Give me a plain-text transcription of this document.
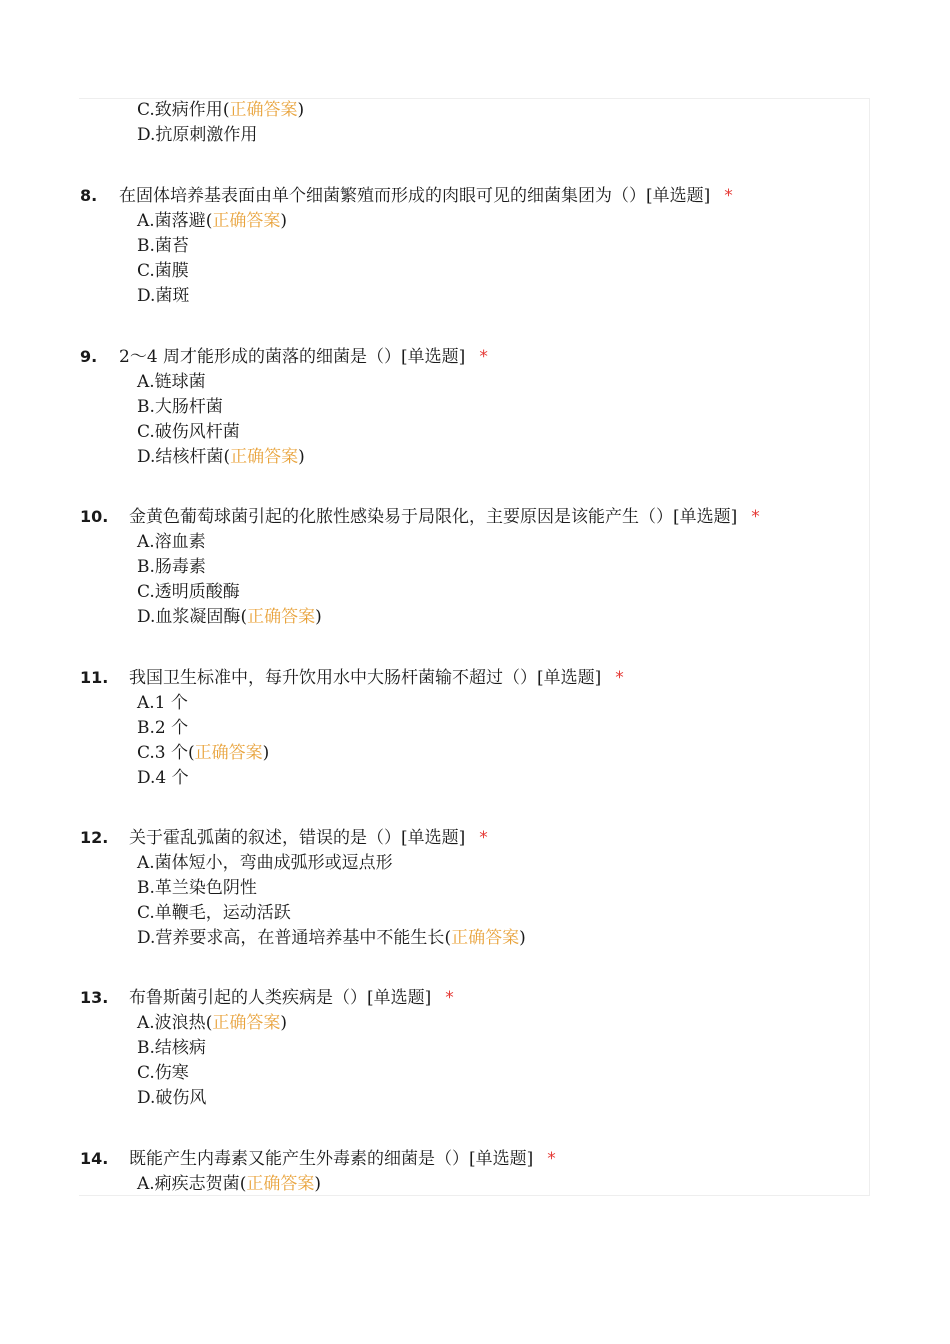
C.致病作用(正确答案)
D.抗原刺激作用
8. 在固体培养基表面由单个细菌繁殖而形成的肉眼可见的细菌集团为（）[单选题] *
A.菌落避(正确答案)
B.菌苔
C.菌膜
D.菌斑
9. 2～4 周才能形成的菌落的细菌是（）[单选题] *
A.链球菌
B.大肠杆菌
C.破伤风杆菌
D.结核杆菌(正确答案)
10. 金黄色葡萄球菌引起的化脓性感染易于局限化，主要原因是该能产生（）[单选题] *
A.溶血素
B.肠毒素
C.透明质酸酶
D.血浆凝固酶(正确答案)
11. 我国卫生标准中，每升饮用水中大肠杆菌输不超过（）[单选题] *
A.1 个
B.2 个
C.3 个(正确答案)
D.4 个
12. 关于霍乱弧菌的叙述，错误的是（）[单选题] *
A.菌体短小，弯曲成弧形或逗点形
B.革兰染色阴性
C.单鞭毛，运动活跃
D.营养要求高，在普通培养基中不能生长(正确答案)
13. 布鲁斯菌引起的人类疾病是（）[单选题] *
A.波浪热(正确答案)
B.结核病
C.伤寒
D.破伤风
14. 既能产生内毒素又能产生外毒素的细菌是（）[单选题] *
A.痢疾志贺菌(正确答案)
